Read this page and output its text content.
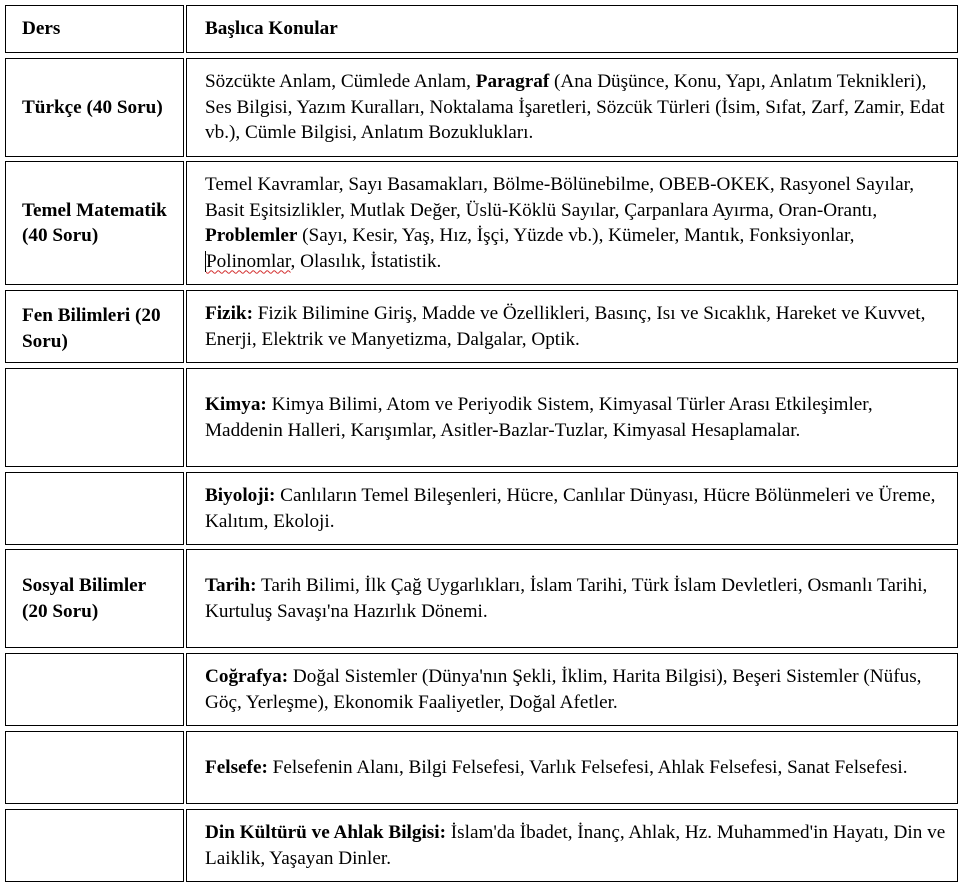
Ders	Başlıca Konular
Türkçe (40 Soru)
Sözcükte Anlam, Cümlede Anlam, Paragraf (Ana Düşünce, Konu, Yapı, Anlatım Teknikleri), Ses Bilgisi, Yazım Kuralları, Noktalama İşaretleri, Sözcük Türleri (İsim, Sıfat, Zarf, Zamir, Edat vb.), Cümle Bilgisi, Anlatım Bozuklukları.
Temel Matematik (40 Soru)
Temel Kavramlar, Sayı Basamakları, Bölme-Bölünebilme, OBEB-OKEK, Rasyonel Sayılar, Basit Eşitsizlikler, Mutlak Değer, Üslü-Köklü Sayılar, Çarpanlara Ayırma, Oran-Orantı, Problemler (Sayı, Kesir, Yaş, Hız, İşçi, Yüzde vb.), Kümeler, Mantık, Fonksiyonlar, Polinomlar, Olasılık, İstatistik.
Fen Bilimleri (20 Soru)
Fizik: Fizik Bilimine Giriş, Madde ve Özellikleri, Basınç, Isı ve Sıcaklık, Hareket ve Kuvvet, Enerji, Elektrik ve Manyetizma, Dalgalar, Optik.
Kimya: Kimya Bilimi, Atom ve Periyodik Sistem, Kimyasal Türler Arası Etkileşimler, Maddenin Halleri, Karışımlar, Asitler-Bazlar-Tuzlar, Kimyasal Hesaplamalar.
Biyoloji: Canlıların Temel Bileşenleri, Hücre, Canlılar Dünyası, Hücre Bölünmeleri ve Üreme, Kalıtım, Ekoloji.
Sosyal Bilimler (20 Soru)
Tarih: Tarih Bilimi, İlk Çağ Uygarlıkları, İslam Tarihi, Türk İslam Devletleri, Osmanlı Tarihi, Kurtuluş Savaşı'na Hazırlık Dönemi.
Coğrafya: Doğal Sistemler (Dünya'nın Şekli, İklim, Harita Bilgisi), Beşeri Sistemler (Nüfus, Göç, Yerleşme), Ekonomik Faaliyetler, Doğal Afetler.
Felsefe: Felsefenin Alanı, Bilgi Felsefesi, Varlık Felsefesi, Ahlak Felsefesi, Sanat Felsefesi.
Din Kültürü ve Ahlak Bilgisi: İslam'da İbadet, İnanç, Ahlak, Hz. Muhammed'in Hayatı, Din ve Laiklik, Yaşayan Dinler.
